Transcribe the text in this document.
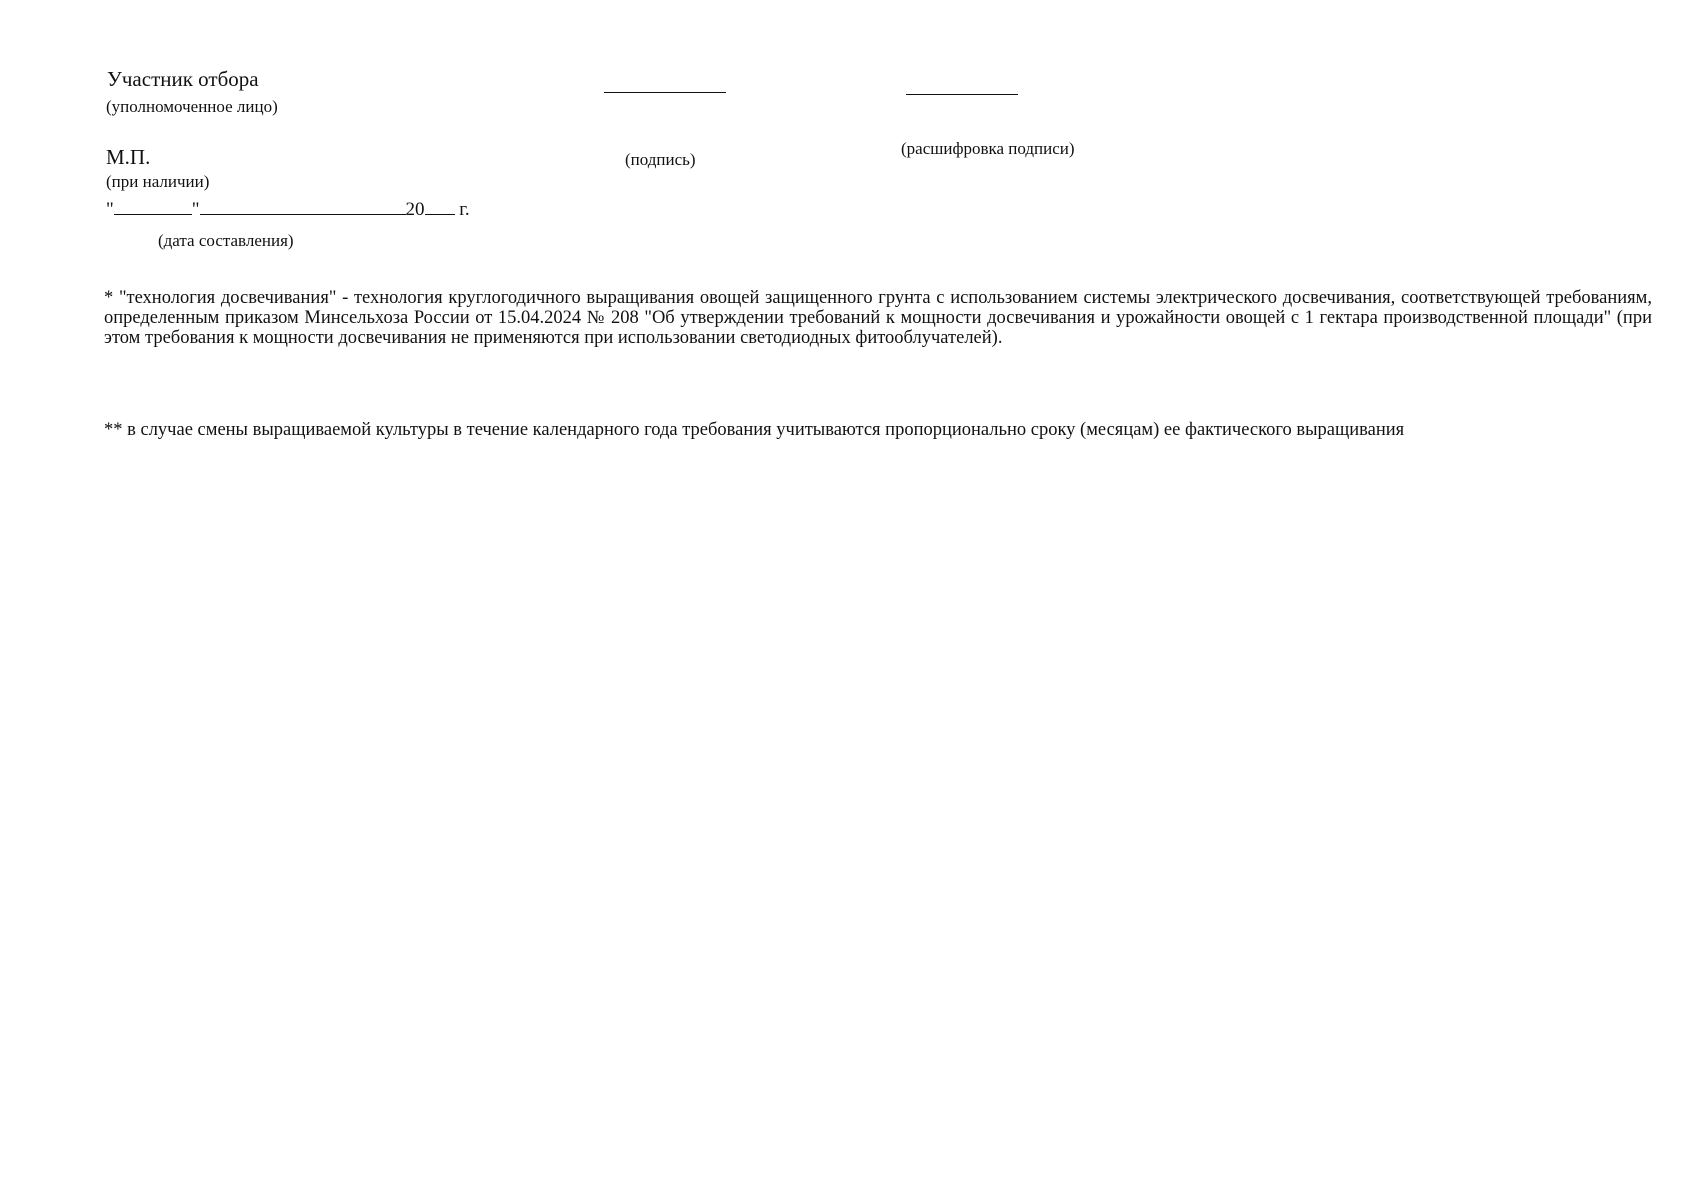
Участник отбора
(уполномоченное лицо)
М.П.
(при наличии)
(подпись)
(расшифровка подписи)
"	"	20 г.
(дата составления)
* "технология досвечивания" - технология круглогодичного выращивания овощей защищенного грунта с использованием системы электрического досвечивания, соответствующей требованиям, определенным приказом Минсельхоза России от 15.04.2024 № 208 "Об утверждении требований к мощности досвечивания и урожайности овощей с 1 гектара производственной площади" (при этом требования к мощности досвечивания не применяются при использовании светодиодных фитооблучателей).
** в случае смены выращиваемой культуры в течение календарного года требования учитываются пропорционально сроку (месяцам) ее фактического выращивания
